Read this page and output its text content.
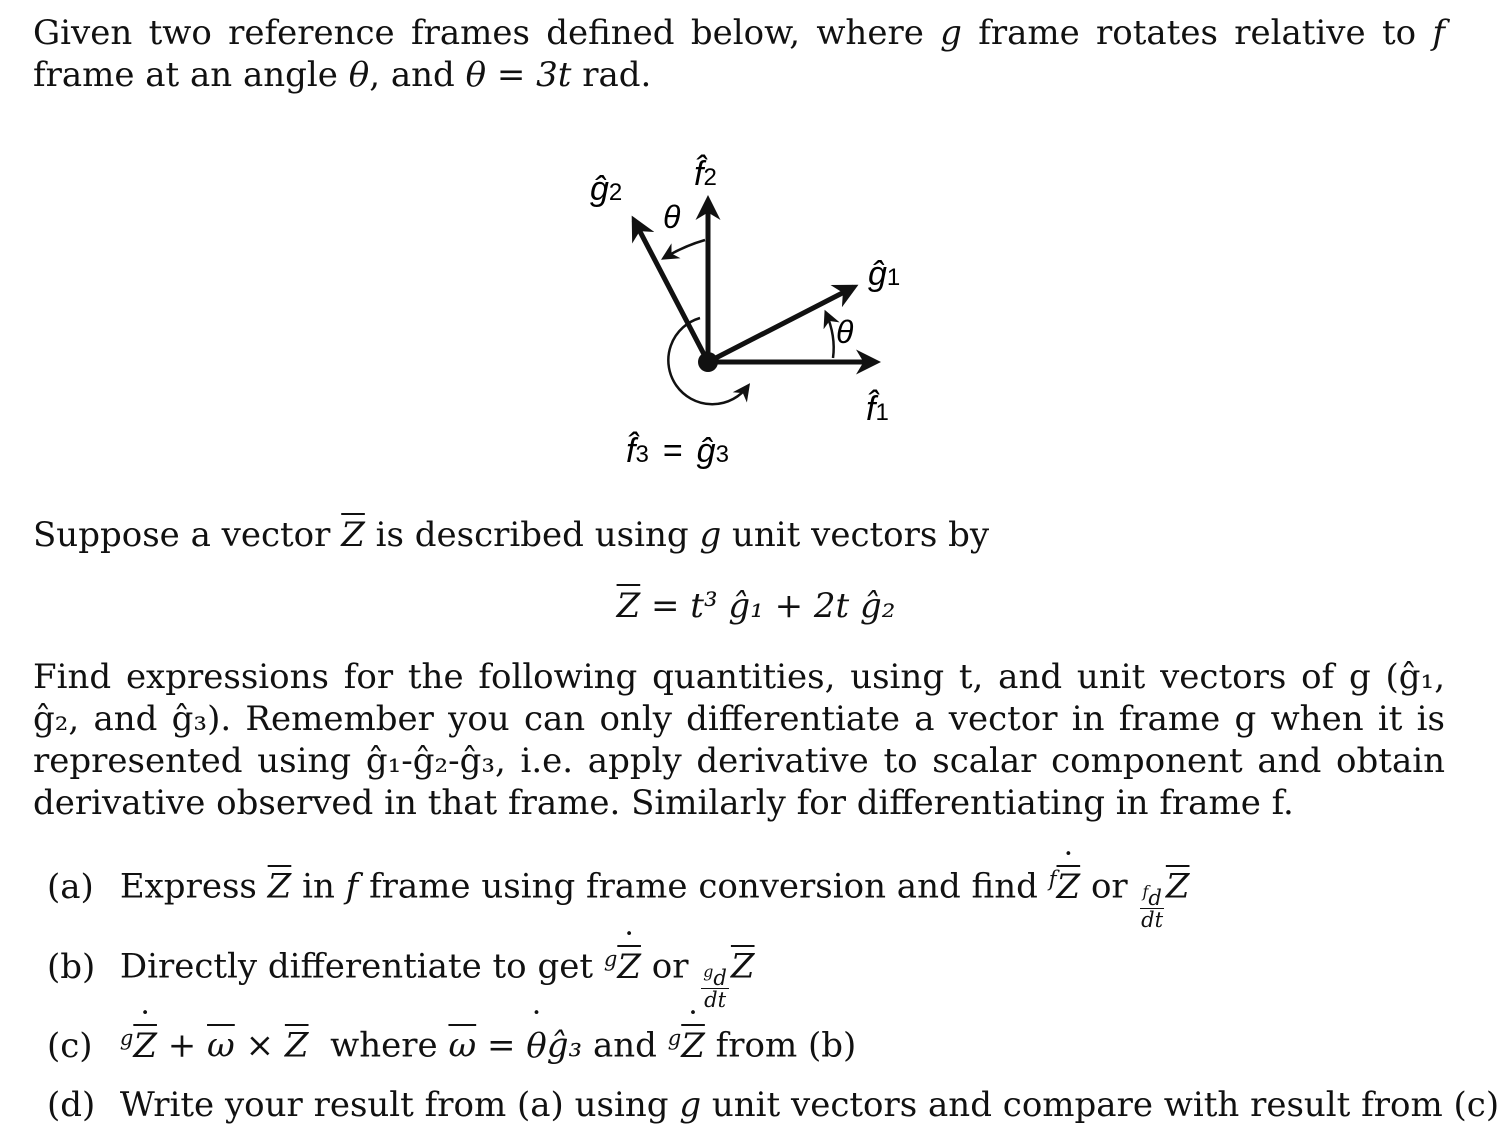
Given two reference frames defined below, where g frame rotates relative to f frame at an angle θ, and θ = 3t rad.
ĝ2 f̂2
θ
ĝ1
θ
f̂1
f̂3 = ĝ3
Suppose a vector $\overline{Z}$ is described using g unit vectors by
$\overline{Z} = t^3$ ĝ₁ + 2t ĝ₂
Find expressions for the following quantities, using t, and unit vectors of g (ĝ₁, ĝ₂, and ĝ₃). Remember you can only differentiate a vector in frame g when it is represented using ĝ₁-ĝ₂-ĝ₃, i.e. apply derivative to scalar component and obtain derivative observed in that frame. Similarly for differentiating in frame f.
(a) Express $\overline{Z}$ in f frame using frame conversion and find $^f$˙ $\overline{Z}$ or $\frac{^fd}{dt} \overline{Z}$
(b) Directly differentiate to get $^g$˙ $\overline{Z}$ or $\frac{^gd}{dt} \overline{Z}$
(c) $^g$˙ $\overline{Z} + \overline{\omega} \times \overline{Z}$  where $\overline{\omega}$ = ˙ θĝ₃ and $^g$˙ $\overline{Z}$ from (b)
(d) Write your result from (a) using g unit vectors and compare with result from (c)
